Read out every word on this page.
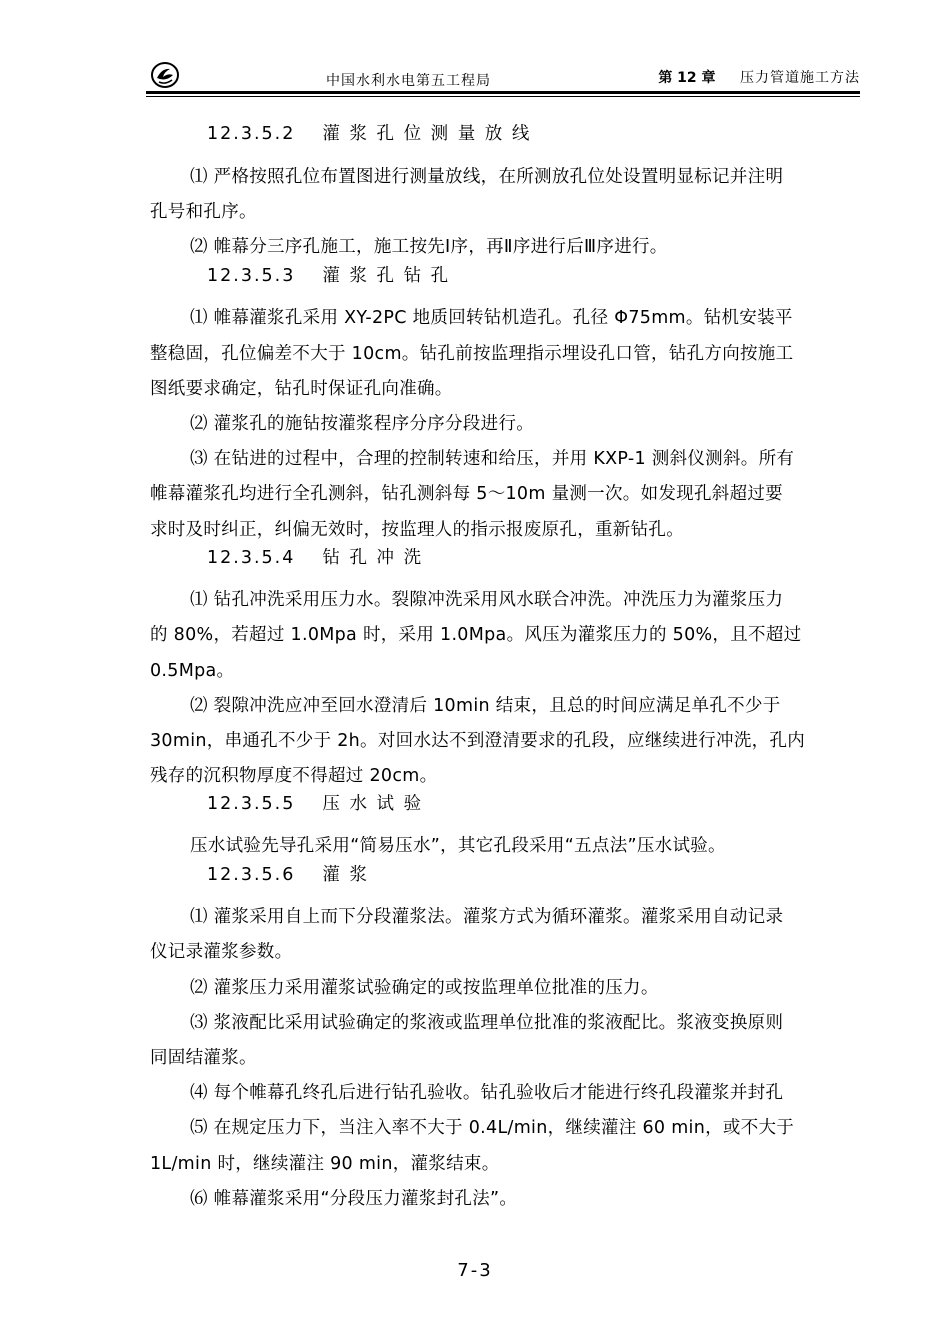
中国水利水电第五工程局	第 12 章 压力管道施工方法
12.3.5.2　 灌 浆 孔 位 测 量 放 线
⑴ 严格按照孔位布置图进行测量放线，在所测放孔位处设置明显标记并注明
孔号和孔序。
⑵ 帷幕分三序孔施工，施工按先Ⅰ序，再Ⅱ序进行后Ⅲ序进行。
12.3.5.3　 灌 浆 孔 钻 孔
⑴ 帷幕灌浆孔采用 XY-2PC 地质回转钻机造孔。孔径 Φ75mm。钻机安装平
整稳固，孔位偏差不大于 10cm。钻孔前按监理指示埋设孔口管，钻孔方向按施工
图纸要求确定，钻孔时保证孔向准确。
⑵ 灌浆孔的施钻按灌浆程序分序分段进行。
⑶ 在钻进的过程中，合理的控制转速和给压，并用 KXP-1 测斜仪测斜。所有
帷幕灌浆孔均进行全孔测斜，钻孔测斜每 5～10m 量测一次。如发现孔斜超过要
求时及时纠正，纠偏无效时，按监理人的指示报废原孔，重新钻孔。
12.3.5.4　 钻 孔 冲 洗
⑴ 钻孔冲洗采用压力水。裂隙冲洗采用风水联合冲洗。冲洗压力为灌浆压力
的 80%，若超过 1.0Mpa 时，采用 1.0Mpa。风压为灌浆压力的 50%，且不超过
0.5Mpa。
⑵ 裂隙冲洗应冲至回水澄清后 10min 结束，且总的时间应满足单孔不少于
30min，串通孔不少于 2h。对回水达不到澄清要求的孔段，应继续进行冲洗，孔内
残存的沉积物厚度不得超过 20cm。
12.3.5.5　 压 水 试 验
压水试验先导孔采用“简易压水”，其它孔段采用“五点法”压水试验。
12.3.5.6　 灌 浆
⑴ 灌浆采用自上而下分段灌浆法。灌浆方式为循环灌浆。灌浆采用自动记录
仪记录灌浆参数。
⑵ 灌浆压力采用灌浆试验确定的或按监理单位批准的压力。
⑶ 浆液配比采用试验确定的浆液或监理单位批准的浆液配比。浆液变换原则
同固结灌浆。
⑷ 每个帷幕孔终孔后进行钻孔验收。钻孔验收后才能进行终孔段灌浆并封孔
⑸ 在规定压力下，当注入率不大于 0.4L/min，继续灌注 60 min，或不大于
1L/min 时，继续灌注 90 min，灌浆结束。
⑹ 帷幕灌浆采用“分段压力灌浆封孔法”。
7-3
